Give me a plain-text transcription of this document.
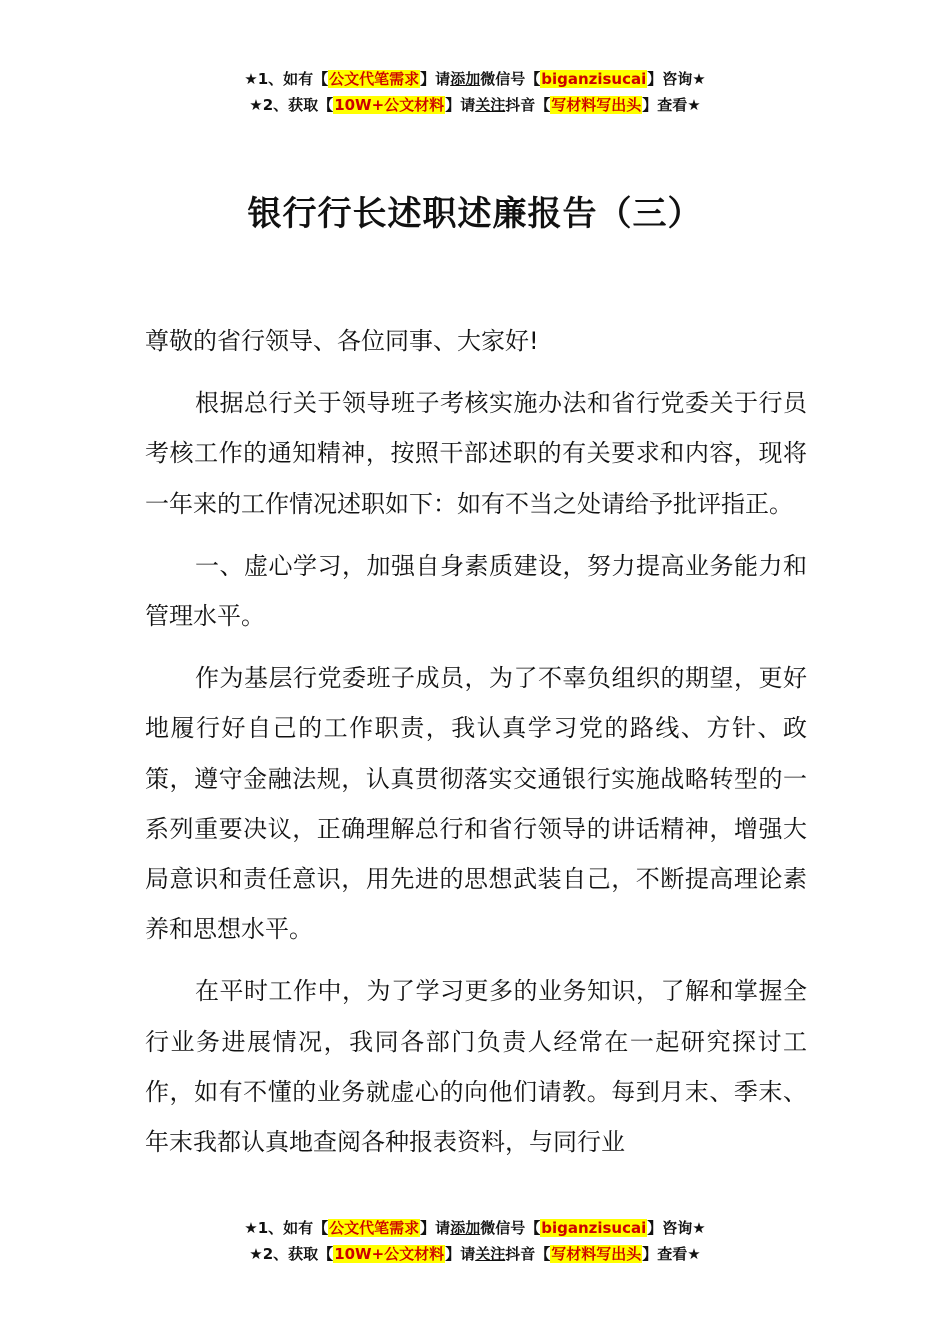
★1、如有【公文代笔需求】请添加微信号【biganzisucai】咨询★
★2、获取【10W+公文材料】请关注抖音【写材料写出头】查看★
银行行长述职述廉报告（三）

尊敬的省行领导、各位同事、大家好!

根据总行关于领导班子考核实施办法和省行党委关于行员考核工作的通知精神，按照干部述职的有关要求和内容，现将一年来的工作情况述职如下：如有不当之处请给予批评指正。

一、虚心学习，加强自身素质建设，努力提高业务能力和管理水平。

作为基层行党委班子成员，为了不辜负组织的期望，更好地履行好自己的工作职责，我认真学习党的路线、方针、政策，遵守金融法规，认真贯彻落实交通银行实施战略转型的一系列重要决议，正确理解总行和省行领导的讲话精神，增强大局意识和责任意识，用先进的思想武装自己，不断提高理论素养和思想水平。

在平时工作中，为了学习更多的业务知识，了解和掌握全行业务进展情况，我同各部门负责人经常在一起研究探讨工作，如有不懂的业务就虚心的向他们请教。每到月末、季末、年末我都认真地查阅各种报表资料，与同行业

★1、如有【公文代笔需求】请添加微信号【biganzisucai】咨询★
★2、获取【10W+公文材料】请关注抖音【写材料写出头】查看★
